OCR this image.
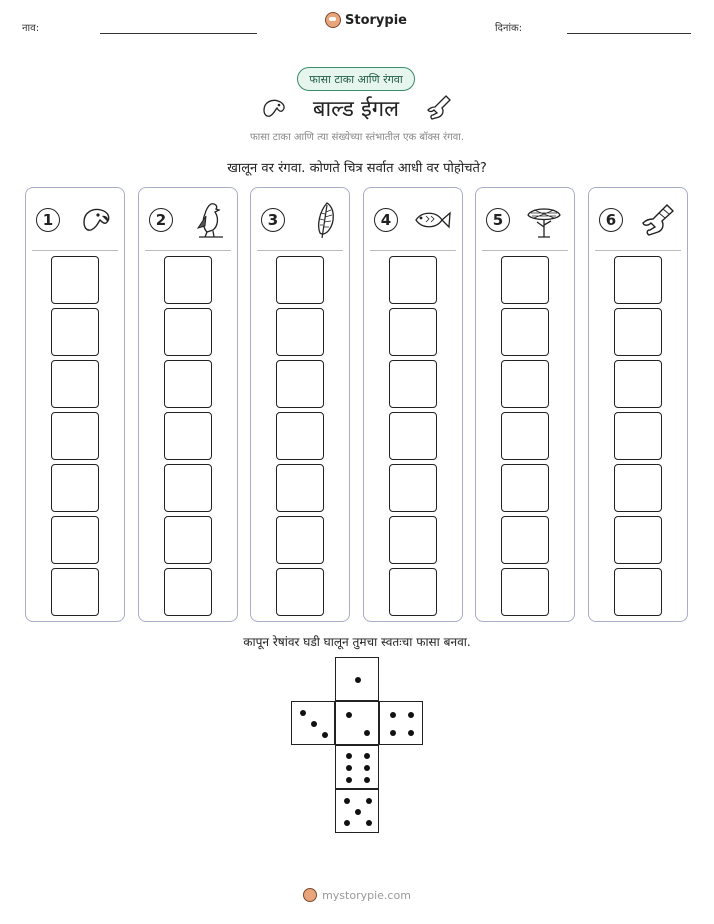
नाव:
Storypie
दिनांक:
फासा टाका आणि रंगवा
बाल्ड ईगल
फासा टाका आणि त्या संख्येच्या स्तंभातील एक बॉक्स रंगवा.
खालून वर रंगवा. कोणते चित्र सर्वात आधी वर पोहोचते?
1	2	3	4	5	6
कापून रेषांवर घडी घालून तुमचा स्वतःचा फासा बनवा.
mystorypie.com
